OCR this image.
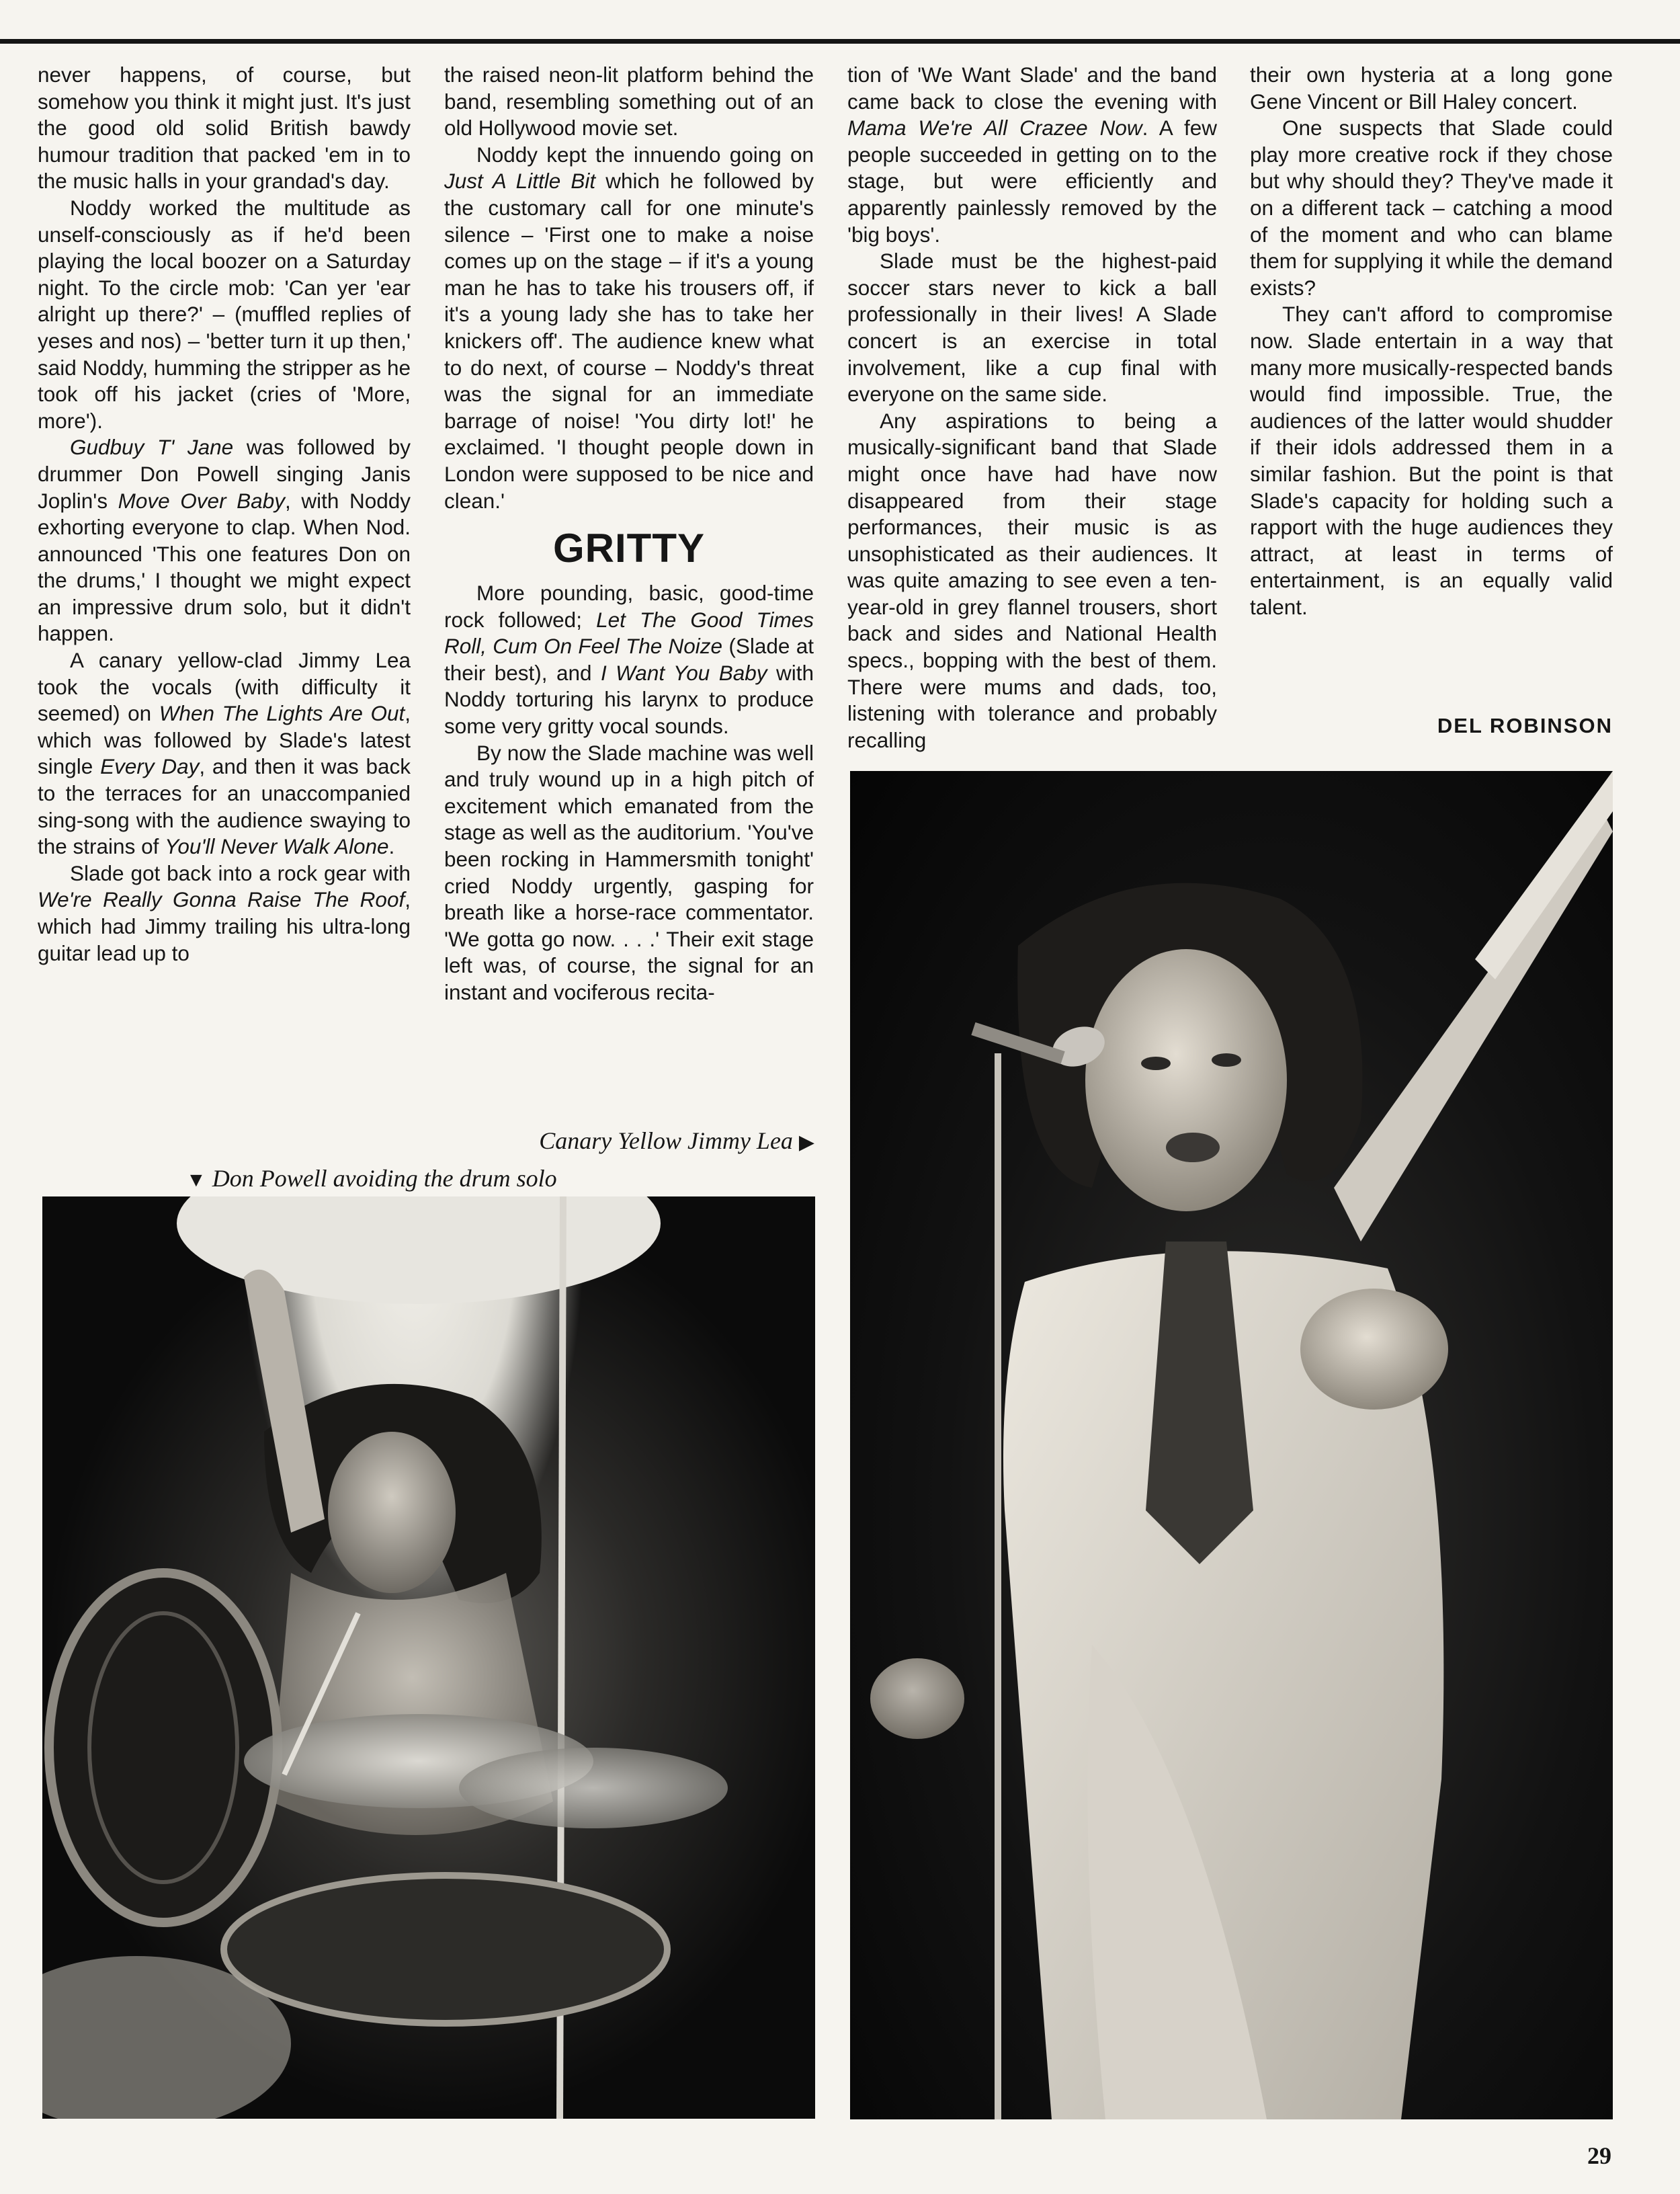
never happens, of course, but somehow you think it might just. It's just the good old solid British bawdy humour tradition that packed 'em in to the music halls in your grandad's day.

Noddy worked the multitude as unself-consciously as if he'd been playing the local boozer on a Saturday night. To the circle mob: 'Can yer 'ear alright up there?' – (muffled replies of yeses and nos) – 'better turn it up then,' said Noddy, humming the stripper as he took off his jacket (cries of 'More, more').

Gudbuy T' Jane was followed by drummer Don Powell singing Janis Joplin's Move Over Baby, with Noddy exhorting everyone to clap. When Nod. announced 'This one features Don on the drums,' I thought we might expect an impressive drum solo, but it didn't happen.

A canary yellow-clad Jimmy Lea took the vocals (with difficulty it seemed) on When The Lights Are Out, which was followed by Slade's latest single Every Day, and then it was back to the terraces for an unaccompanied sing-song with the audience swaying to the strains of You'll Never Walk Alone.

Slade got back into a rock gear with We're Really Gonna Raise The Roof, which had Jimmy trailing his ultra-long guitar lead up to

the raised neon-lit platform behind the band, resembling something out of an old Hollywood movie set.

Noddy kept the innuendo going on Just A Little Bit which he followed by the customary call for one minute's silence – 'First one to make a noise comes up on the stage – if it's a young man he has to take his trousers off, if it's a young lady she has to take her knickers off'. The audience knew what to do next, of course – Noddy's threat was the signal for an immediate barrage of noise! 'You dirty lot!' he exclaimed. 'I thought people down in London were supposed to be nice and clean.'

GRITTY

More pounding, basic, good-time rock followed; Let The Good Times Roll, Cum On Feel The Noize (Slade at their best), and I Want You Baby with Noddy torturing his larynx to produce some very gritty vocal sounds.

By now the Slade machine was well and truly wound up in a high pitch of excitement which emanated from the stage as well as the auditorium. 'You've been rocking in Hammersmith tonight' cried Noddy urgently, gasping for breath like a horse-race commentator. 'We gotta go now. . . .' Their exit stage left was, of course, the signal for an instant and vociferous recita-

tion of 'We Want Slade' and the band came back to close the evening with Mama We're All Crazee Now. A few people succeeded in getting on to the stage, but were efficiently and apparently painlessly removed by the 'big boys'.

Slade must be the highest-paid soccer stars never to kick a ball professionally in their lives! A Slade concert is an exercise in total involvement, like a cup final with everyone on the same side.

Any aspirations to being a musically-significant band that Slade might once have had have now disappeared from their stage performances, their music is as unsophisticated as their audiences. It was quite amazing to see even a ten-year-old in grey flannel trousers, short back and sides and National Health specs., bopping with the best of them. There were mums and dads, too, listening with tolerance and probably recalling

their own hysteria at a long gone Gene Vincent or Bill Haley concert.

One suspects that Slade could play more creative rock if they chose but why should they? They've made it on a different tack – catching a mood of the moment and who can blame them for supplying it while the demand exists?

They can't afford to compromise now. Slade entertain in a way that many more musically-respected bands would find impossible. True, the audiences of the latter would shudder if their idols addressed them in a similar fashion. But the point is that Slade's capacity for holding such a rapport with the huge audiences they attract, at least in terms of entertainment, is an equally valid talent.

DEL ROBINSON
Canary Yellow Jimmy Lea ▶
▼ Don Powell avoiding the drum solo
29
